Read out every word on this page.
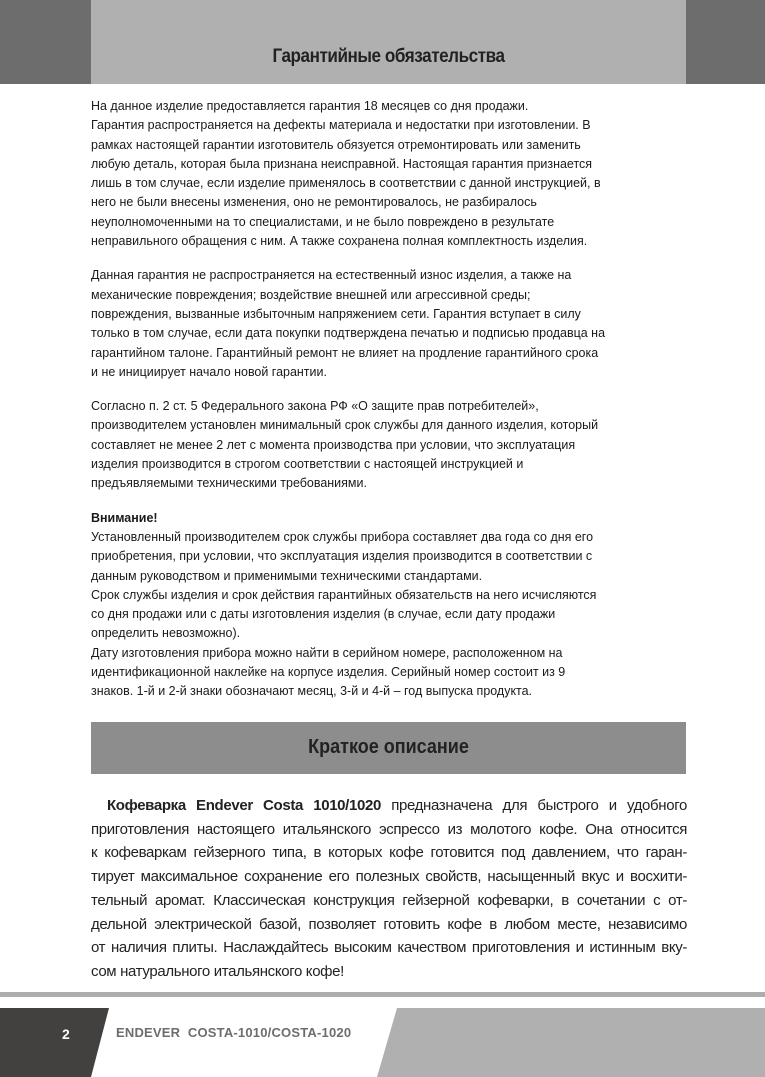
Гарантийные обязательства
На данное изделие предоставляется гарантия 18 месяцев со дня продажи.
Гарантия распространяется на дефекты материала и недостатки при изготовлении. В
рамках настоящей гарантии изготовитель обязуется отремонтировать или заменить
любую деталь, которая была признана неисправной. Настоящая гарантия признается
лишь в том случае, если изделие применялось в соответствии с данной инструкцией, в
него не были внесены изменения, оно не ремонтировалось, не разбиралось
неуполномоченными на то специалистами, и не было повреждено в результате
неправильного обращения с ним. А также сохранена полная комплектность изделия.
Данная гарантия не распространяется на естественный износ изделия, а также на
механические повреждения; воздействие внешней или агрессивной среды;
повреждения, вызванные избыточным напряжением сети. Гарантия вступает в силу
только в том случае, если дата покупки подтверждена печатью и подписью продавца на
гарантийном талоне. Гарантийный ремонт не влияет на продление гарантийного срока
и не инициирует начало новой гарантии.
Согласно п. 2 ст. 5 Федерального закона РФ «О защите прав потребителей»,
производителем установлен минимальный срок службы для данного изделия, который
составляет не менее 2 лет с момента производства при условии, что эксплуатация
изделия производится в строгом соответствии с настоящей инструкцией и
предъявляемыми техническими требованиями.
Внимание!
Установленный производителем срок службы прибора составляет два года со дня его
приобретения, при условии, что эксплуатация изделия производится в соответствии с
данным руководством и применимыми техническими стандартами.
Срок службы изделия и срок действия гарантийных обязательств на него исчисляются
со дня продажи или с даты изготовления изделия (в случае, если дату продажи
определить невозможно).
Дату изготовления прибора можно найти в серийном номере, расположенном на
идентификационной наклейке на корпусе изделия. Серийный номер состоит из 9
знаков. 1-й и 2-й знаки обозначают месяц, 3-й и 4-й – год выпуска продукта.
Краткое описание
Кофеварка Endever Costa 1010/1020 предназначена для быстрого и удобного
приготовления настоящего итальянского эспрессо из молотого кофе. Она относится
к кофеваркам гейзерного типа, в которых кофе готовится под давлением, что гаран-
тирует максимальное сохранение его полезных свойств, насыщенный вкус и восхити-
тельный аромат. Классическая конструкция гейзерной кофеварки, в сочетании с от-
дельной электрической базой, позволяет готовить кофе в любом месте, независимо
от наличия плиты. Наслаждайтесь высоким качеством приготовления и истинным вку-
сом натурального итальянского кофе!
2	ENDEVER  COSTA-1010/COSTA-1020
